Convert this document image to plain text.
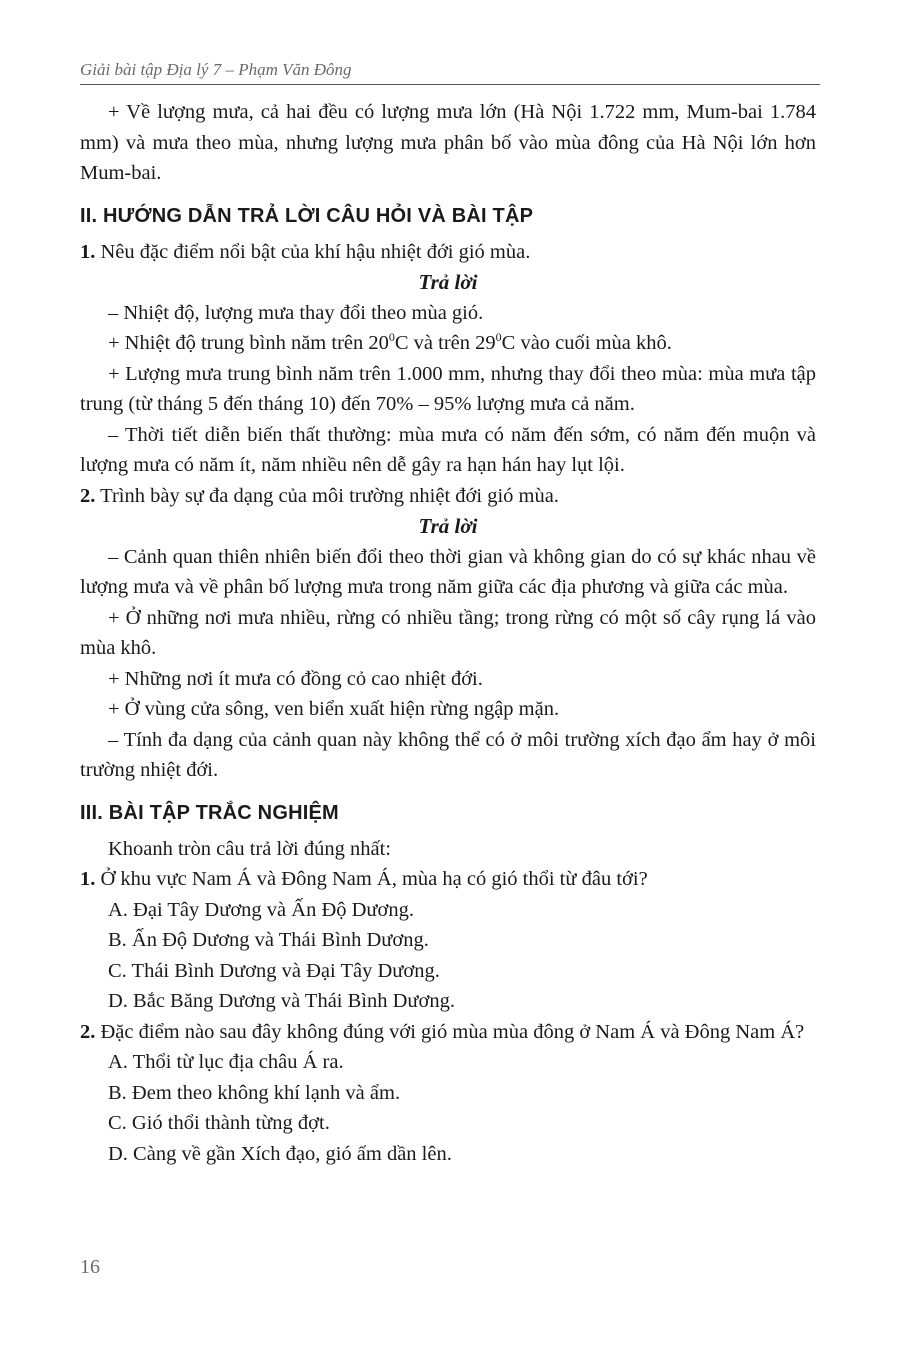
Giải bài tập Địa lý 7 – Phạm Văn Đông

+ Về lượng mưa, cả hai đều có lượng mưa lớn (Hà Nội 1.722 mm, Mum-bai 1.784 mm) và mưa theo mùa, nhưng lượng mưa phân bố vào mùa đông của Hà Nội lớn hơn Mum-bai.

II. HƯỚNG DẪN TRẢ LỜI CÂU HỎI VÀ BÀI TẬP

1. Nêu đặc điểm nổi bật của khí hậu nhiệt đới gió mùa.

Trả lời

– Nhiệt độ, lượng mưa thay đổi theo mùa gió.

+ Nhiệt độ trung bình năm trên $20^0C$ và trên $29^0C$ vào cuối mùa khô.

+ Lượng mưa trung bình năm trên 1.000 mm, nhưng thay đổi theo mùa: mùa mưa tập trung (từ tháng 5 đến tháng 10) đến 70% – 95% lượng mưa cả năm.

– Thời tiết diễn biến thất thường: mùa mưa có năm đến sớm, có năm đến muộn và lượng mưa có năm ít, năm nhiều nên dễ gây ra hạn hán hay lụt lội.

2. Trình bày sự đa dạng của môi trường nhiệt đới gió mùa.

Trả lời

– Cảnh quan thiên nhiên biến đổi theo thời gian và không gian do có sự khác nhau về lượng mưa và về phân bố lượng mưa trong năm giữa các địa phương và giữa các mùa.

+ Ở những nơi mưa nhiều, rừng có nhiều tầng; trong rừng có một số cây rụng lá vào mùa khô.

+ Những nơi ít mưa có đồng cỏ cao nhiệt đới.

+ Ở vùng cửa sông, ven biển xuất hiện rừng ngập mặn.

– Tính đa dạng của cảnh quan này không thể có ở môi trường xích đạo ẩm hay ở môi trường nhiệt đới.

III. BÀI TẬP TRẮC NGHIỆM

Khoanh tròn câu trả lời đúng nhất:

1. Ở khu vực Nam Á và Đông Nam Á, mùa hạ có gió thổi từ đâu tới?

A. Đại Tây Dương và Ấn Độ Dương.

B. Ấn Độ Dương và Thái Bình Dương.

C. Thái Bình Dương và Đại Tây Dương.

D. Bắc Băng Dương và Thái Bình Dương.

2. Đặc điểm nào sau đây không đúng với gió mùa mùa đông ở Nam Á và Đông Nam Á?

A. Thổi từ lục địa châu Á ra.

B. Đem theo không khí lạnh và ẩm.

C. Gió thổi thành từng đợt.

D. Càng về gần Xích đạo, gió ấm dần lên.

16
